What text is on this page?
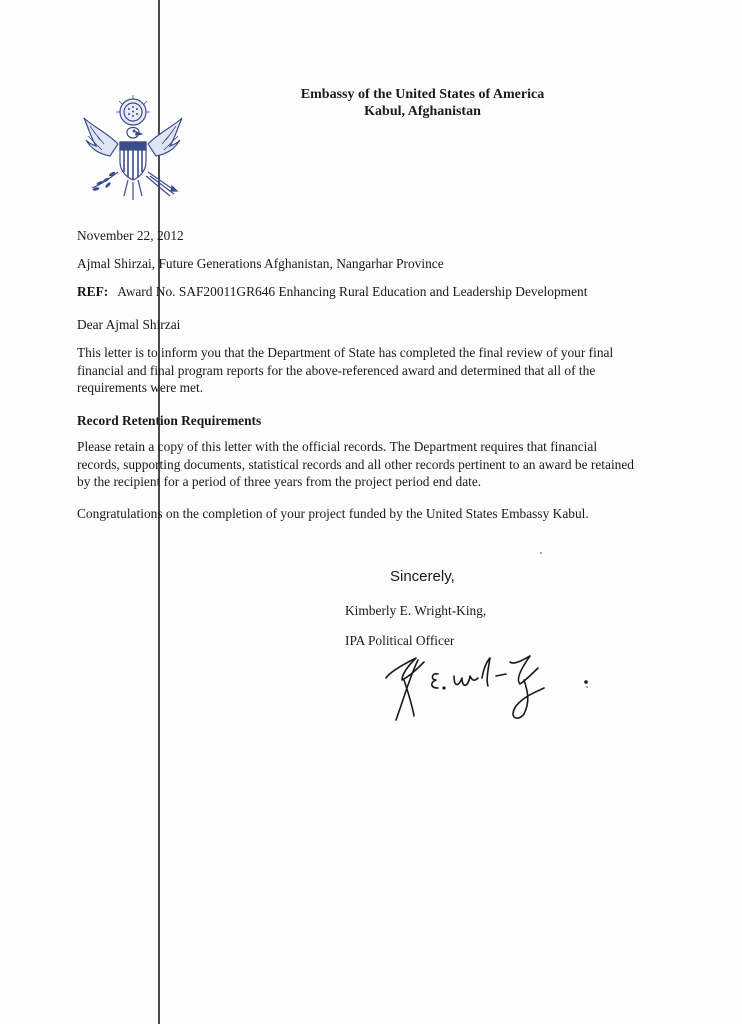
Embassy of the United States of America
Kabul, Afghanistan
November 22, 2012
Ajmal Shirzai, Future Generations Afghanistan, Nangarhar Province
REF: Award No. SAF20011GR646 Enhancing Rural Education and Leadership Development
Dear Ajmal Shirzai
This letter is to inform you that the Department of State has completed the final review of your final
financial and final program reports for the above-referenced award and determined that all of the
requirements were met.
Record Retention Requirements
Please retain a copy of this letter with the official records. The Department requires that financial
records, supporting documents, statistical records and all other records pertinent to an award be retained
by the recipient for a period of three years from the project period end date.
Congratulations on the completion of your project funded by the United States Embassy Kabul.
Sincerely,
Kimberly E. Wright-King,
IPA Political Officer
